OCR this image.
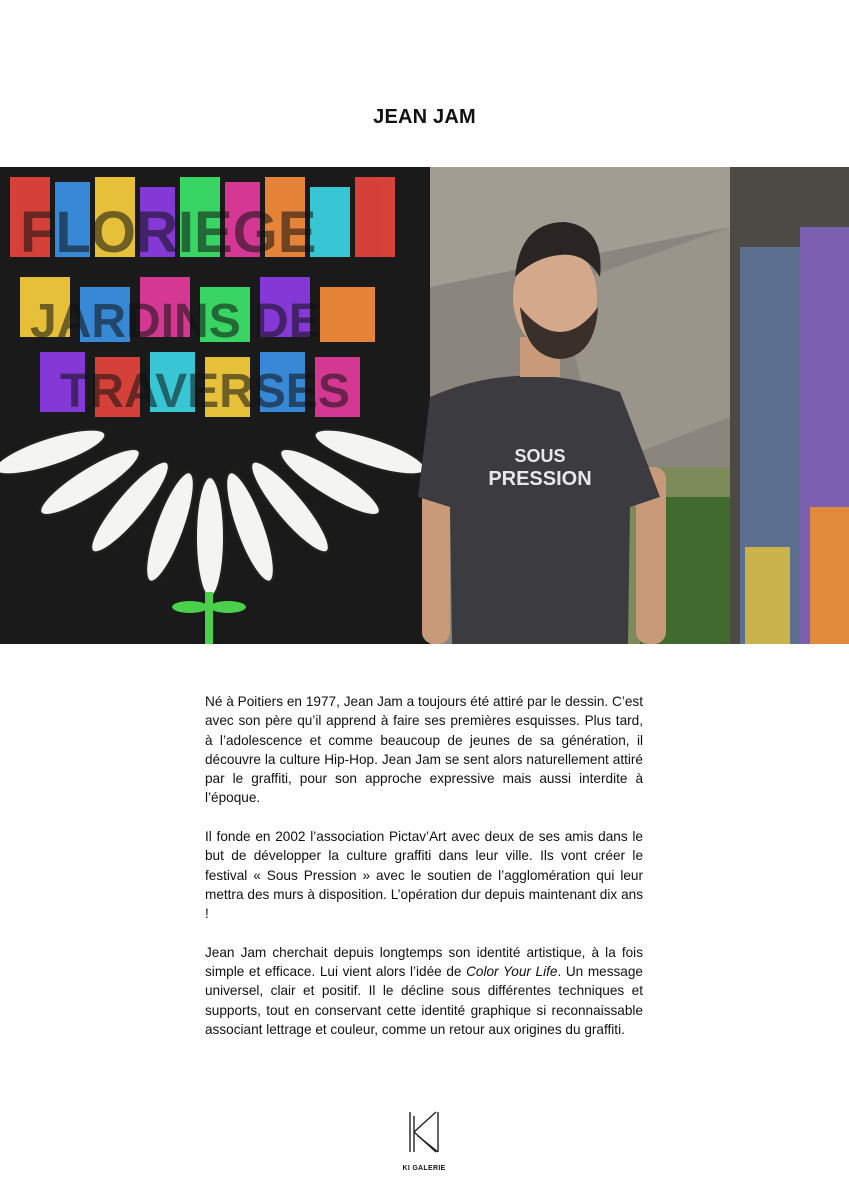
JEAN JAM
FLORIEGE
JARDINS DE
TRAVERSES
SOUS
PRESSION

Né à Poitiers en 1977, Jean Jam a toujours été attiré par le dessin. C’est avec son père qu’il apprend à faire ses premières esquisses. Plus tard, à l’adolescence et comme beaucoup de jeunes de sa génération, il découvre la culture Hip-Hop. Jean Jam se sent alors naturellement attiré par le graffiti, pour son approche expressive mais aussi interdite à l’époque.

Il fonde en 2002 l’association Pictav’Art avec deux de ses amis dans le but de développer la culture graffiti dans leur ville. Ils vont créer le festival « Sous Pression » avec le soutien de l’agglomération qui leur mettra des murs à disposition. L’opération dur depuis maintenant dix ans !

Jean Jam cherchait depuis longtemps son identité artistique, à la fois simple et efficace. Lui vient alors l’idée de Color Your Life. Un message universel, clair et positif. Il le décline sous différentes techniques et supports, tout en conservant cette identité graphique si reconnaissable associant lettrage et couleur, comme un retour aux origines du graffiti.

KI GALERIE
